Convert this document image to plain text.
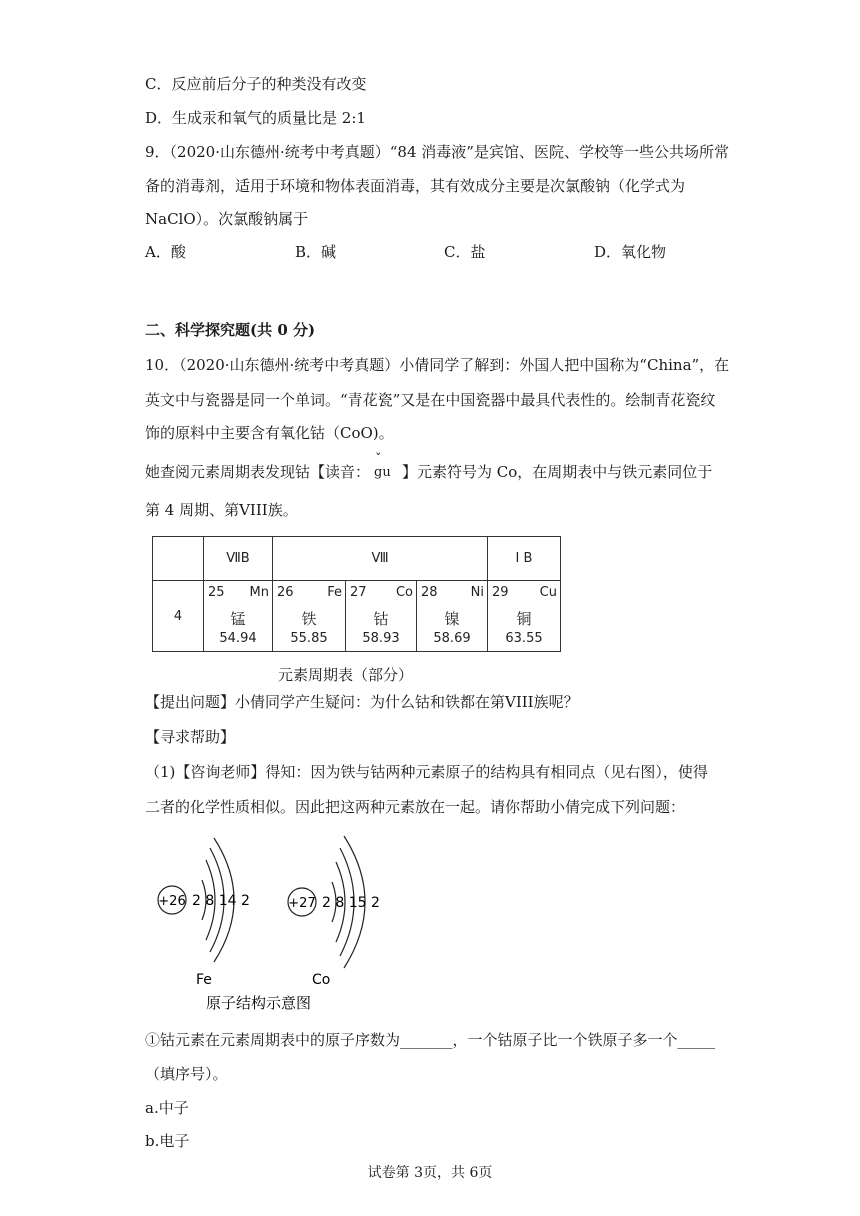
C．反应前后分子的种类没有改变
D．生成汞和氧气的质量比是 2:1
9．（2020·山东德州·统考中考真题）“84 消毒液”是宾馆、医院、学校等一些公共场所常
备的消毒剂，适用于环境和物体表面消毒，其有效成分主要是次氯酸钠（化学式为
NaClO）。次氯酸钠属于
A．酸	B．碱	C．盐	D．氧化物
二、科学探究题(共 0 分)
10．（2020·山东德州·统考中考真题）小倩同学了解到：外国人把中国称为“China”，在
英文中与瓷器是同一个单词。“青花瓷”又是在中国瓷器中最具代表性的。绘制青花瓷纹
饰的原料中主要含有氧化钴（CoO)。
她查阅元素周期表发现钴【读音：
ˇ
gu 】元素符号为 Co，在周期表中与铁元素同位于
第 4 周期、第VIII族。
	ⅦB	Ⅷ			Ⅰ B
4	25 Mn
锰
54.94	26 Fe
铁
55.85	27 Co
钴
58.93	28 Ni
镍
58.69	29 Cu
铜
63.55
元素周期表（部分）
【提出问题】小倩同学产生疑问：为什么钴和铁都在第VIII族呢？
【寻求帮助】
（1)【咨询老师】得知：因为铁与钴两种元素原子的结构具有相同点（见右图），使得
二者的化学性质相似。因此把这两种元素放在一起。请你帮助小倩完成下列问题：
+26 2 8 14 2
Fe
+27 2 8 15 2
Co
原子结构示意图
①钴元素在元素周期表中的原子序数为_______，一个钴原子比一个铁原子多一个_____
（填序号）。
a.中子
b.电子
试卷第 3页，共 6页
